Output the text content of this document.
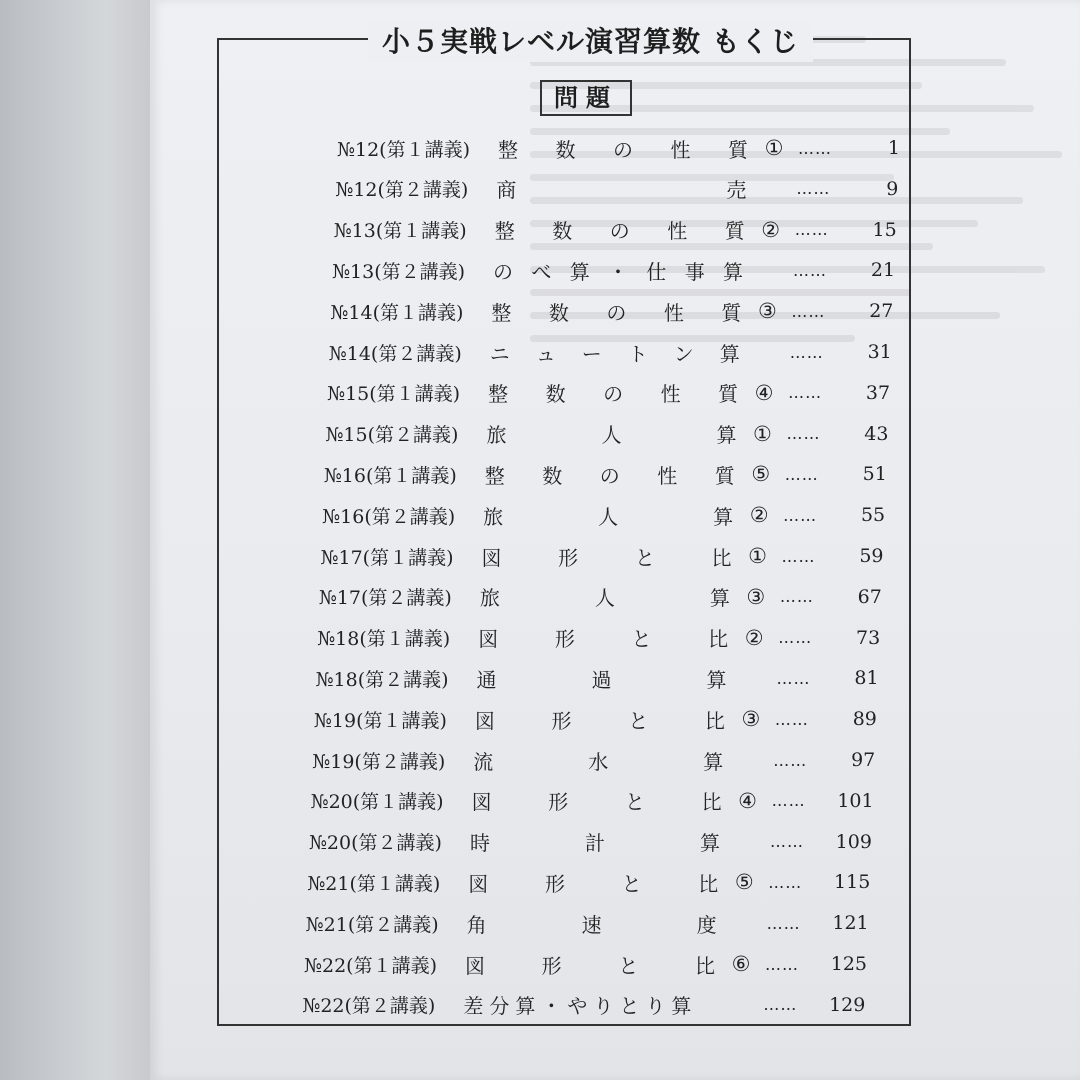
小５実戦レベル演習算数 もくじ
問題
№12(第１講義) 整 数 の 性 質 ① ……	1
№12(第２講義) 商	売	……	9
№13(第１講義) 整 数 の 性 質 ② ……	15
№13(第２講義) の べ 算 ・ 仕 事 算	……	21
№14(第１講義) 整 数 の 性 質 ③ ……	27
№14(第２講義) ニ ュ ー ト ン 算	……	31
№15(第１講義) 整 数 の 性 質 ④ ……	37
№15(第２講義) 旅	人	算 ① ……	43
№16(第１講義) 整 数 の 性 質 ⑤ ……	51
№16(第２講義) 旅	人	算 ② ……	55
№17(第１講義) 図	形	と	比 ① ……	59
№17(第２講義) 旅	人	算 ③ ……	67
№18(第１講義) 図	形	と	比 ② ……	73
№18(第２講義) 通	過	算	……	81
№19(第１講義) 図	形	と	比 ③ ……	89
№19(第２講義) 流	水	算	……	97
№20(第１講義) 図	形	と	比 ④ ……	101
№20(第２講義) 時	計	算	……	109
№21(第１講義) 図	形	と	比 ⑤ ……	115
№21(第２講義) 角	速	度	……	121
№22(第１講義) 図	形	と	比 ⑥ ……	125
№22(第２講義) 差 分 算 ・ や り と り 算	……	129
